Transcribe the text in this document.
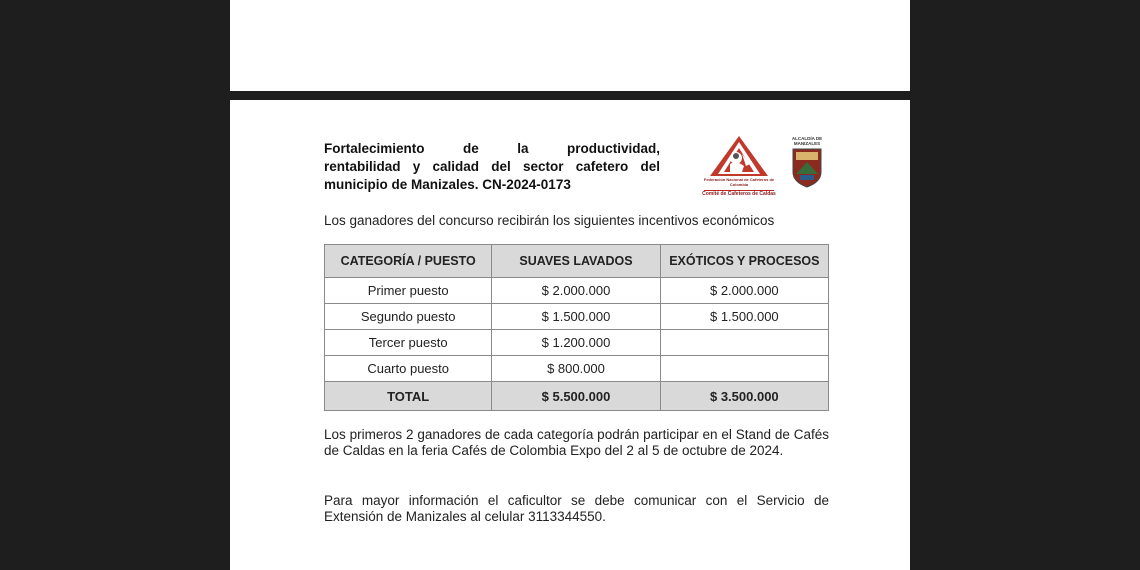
Fortalecimiento de la productividad,
rentabilidad y calidad del sector cafetero del
municipio de Manizales. CN-2024-0173	Federación Nacional de Cafeteros de Colombia
Comité de Cafeteros de Caldas
ALCALDÍA DE MANIZALES
Los ganadores del concurso recibirán los siguientes incentivos económicos
CATEGORÍA / PUESTO	SUAVES LAVADOS	EXÓTICOS Y PROCESOS
Primer puesto	$ 2.000.000	$ 2.000.000
Segundo puesto	$ 1.500.000	$ 1.500.000
Tercer puesto	$ 1.200.000	
Cuarto puesto	$ 800.000	
TOTAL	$ 5.500.000	$ 3.500.000
Los primeros 2 ganadores de cada categoría podrán participar en el Stand de Cafés de Caldas en la feria Cafés de Colombia Expo del 2 al 5 de octubre de 2024.
Para mayor información el caficultor se debe comunicar con el Servicio de Extensión de Manizales al celular 3113344550.
